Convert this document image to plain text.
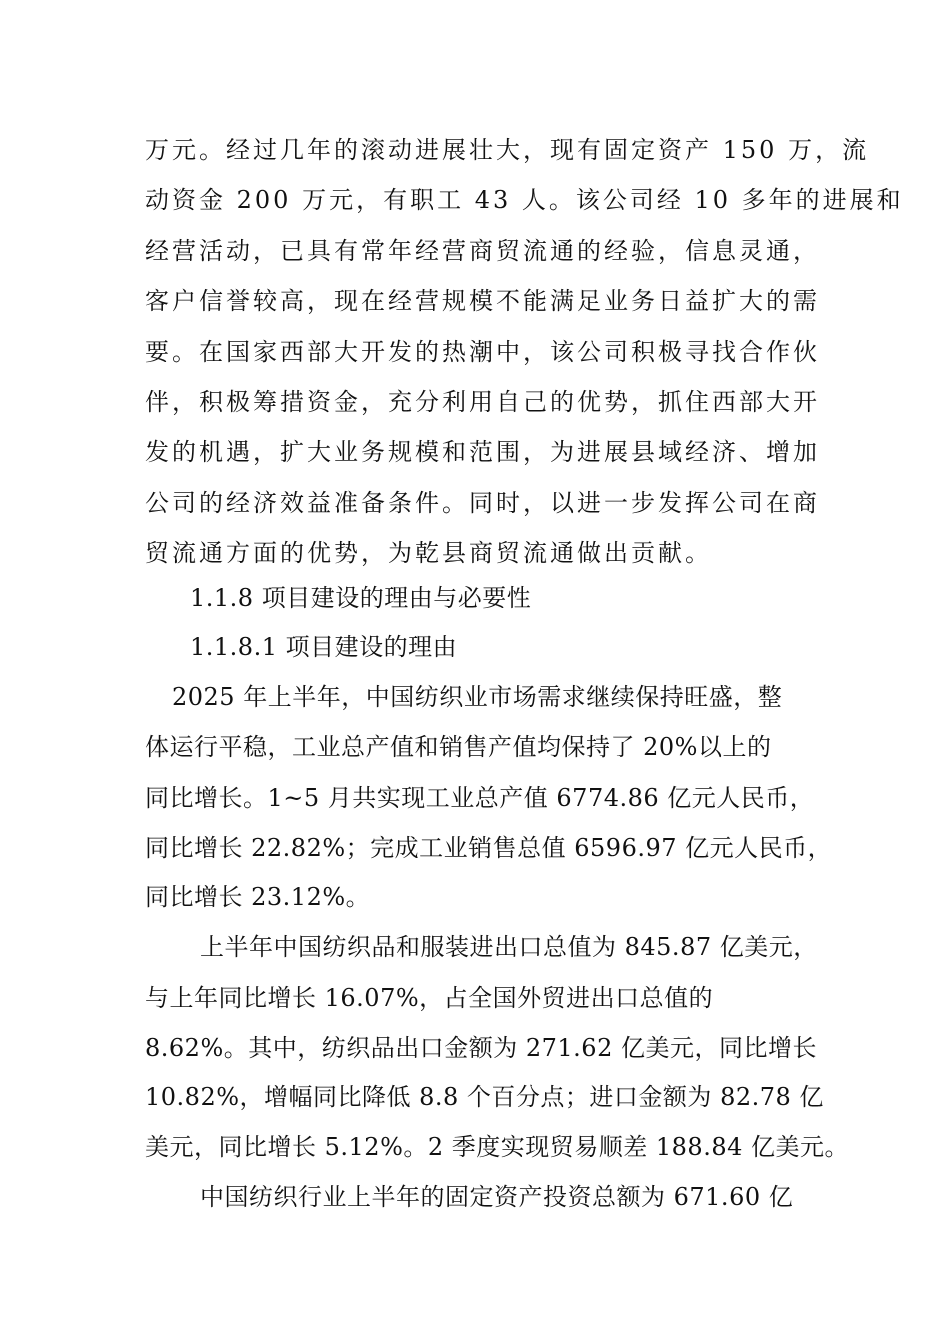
万元。经过几年的滚动进展壮大，现有固定资产 150 万，流
动资金 200 万元，有职工 43 人。该公司经 10 多年的进展和
经营活动，已具有常年经营商贸流通的经验，信息灵通，
客户信誉较高，现在经营规模不能满足业务日益扩大的需
要。在国家西部大开发的热潮中，该公司积极寻找合作伙
伴，积极筹措资金，充分利用自己的优势，抓住西部大开
发的机遇，扩大业务规模和范围，为进展县域经济、增加
公司的经济效益准备条件。同时，以进一步发挥公司在商
贸流通方面的优势，为乾县商贸流通做出贡献。
1.1.8 项目建设的理由与必要性
1.1.8.1 项目建设的理由
2025 年上半年，中国纺织业市场需求继续保持旺盛，整
体运行平稳，工业总产值和销售产值均保持了 20%以上的
同比增长。1~5 月共实现工业总产值 6774.86 亿元人民币，
同比增长 22.82%；完成工业销售总值 6596.97 亿元人民币，
同比增长 23.12%。
上半年中国纺织品和服装进出口总值为 845.87 亿美元，
与上年同比增长 16.07%，占全国外贸进出口总值的
8.62%。其中，纺织品出口金额为 271.62 亿美元，同比增长
10.82%，增幅同比降低 8.8 个百分点；进口金额为 82.78 亿
美元，同比增长 5.12%。2 季度实现贸易顺差 188.84 亿美元。
中国纺织行业上半年的固定资产投资总额为 671.60 亿
